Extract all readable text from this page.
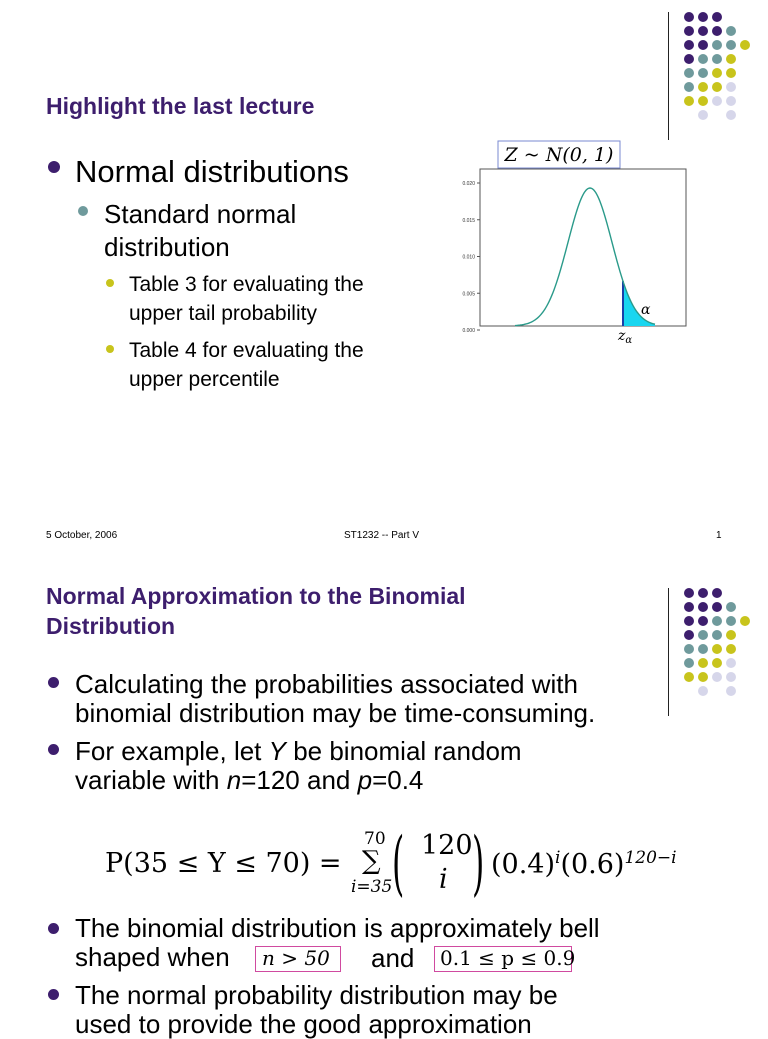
Highlight the last lecture
Normal distributions
Standard normal
distribution
Table 3 for evaluating the
upper tail probability
Table 4 for evaluating the
upper percentile
Z ~ N(0, 1)
0.020
0.015
0.010
0.005
0.000
α
$z_\alpha$
5 October, 2006	ST1232 -- Part V	1
Normal Approximation to the Binomial
Distribution
Calculating the probabilities associated with
binomial distribution may be time-consuming.
For example, let Y be binomial random
variable with n=120 and p=0.4
P(35 ≤ Y ≤ 70) =
70
∑
i=35 ( 120
i ) $(0.4)^i(0.6)^{120-i}$
The binomial distribution is approximately bell
shaped when	n > 50 and 0.1 ≤ p ≤ 0.9
The normal probability distribution may be
used to provide the good approximation
